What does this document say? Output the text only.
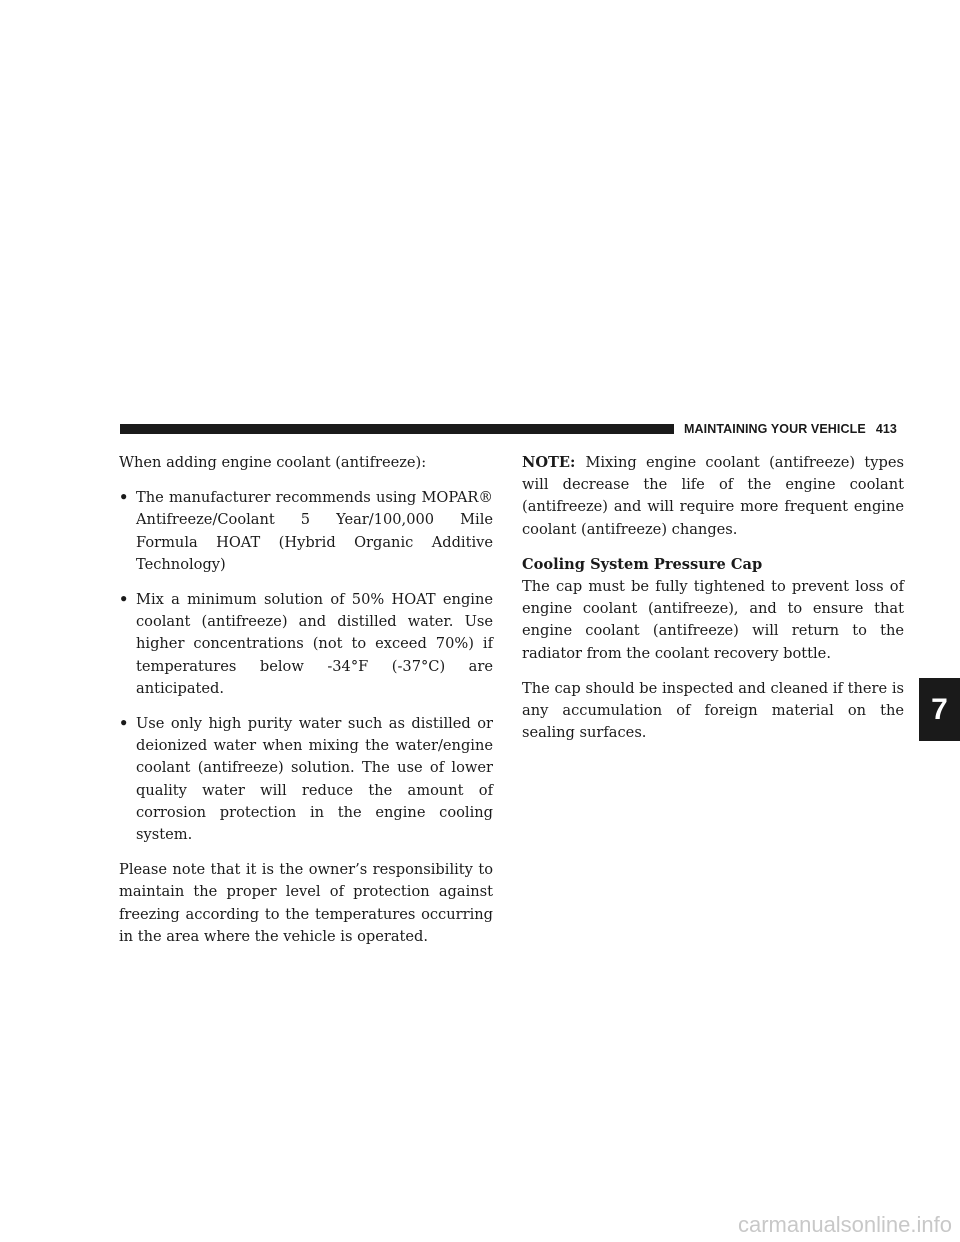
MAINTAINING YOUR VEHICLE 413

When adding engine coolant (antifreeze):

• The manufacturer recommends using MOPAR® Antifreeze/Coolant 5 Year/100,000 Mile Formula HOAT (Hybrid Organic Additive Technology)
• Mix a minimum solution of 50% HOAT engine coolant (antifreeze) and distilled water. Use higher concentrations (not to exceed 70%) if temperatures below -34°F (-37°C) are anticipated.
• Use only high purity water such as distilled or deionized water when mixing the water/engine coolant (antifreeze) solution. The use of lower quality water will reduce the amount of corrosion protection in the engine cooling system.

Please note that it is the owner’s responsibility to maintain the proper level of protection against freezing according to the temperatures occurring in the area where the vehicle is operated.

NOTE: Mixing engine coolant (antifreeze) types will decrease the life of the engine coolant (antifreeze) and will require more frequent engine coolant (antifreeze) changes.

Cooling System Pressure Cap
The cap must be fully tightened to prevent loss of engine coolant (antifreeze), and to ensure that engine coolant (antifreeze) will return to the radiator from the coolant recovery bottle.

The cap should be inspected and cleaned if there is any accumulation of foreign material on the sealing surfaces.

7
carmanualsonline.info
